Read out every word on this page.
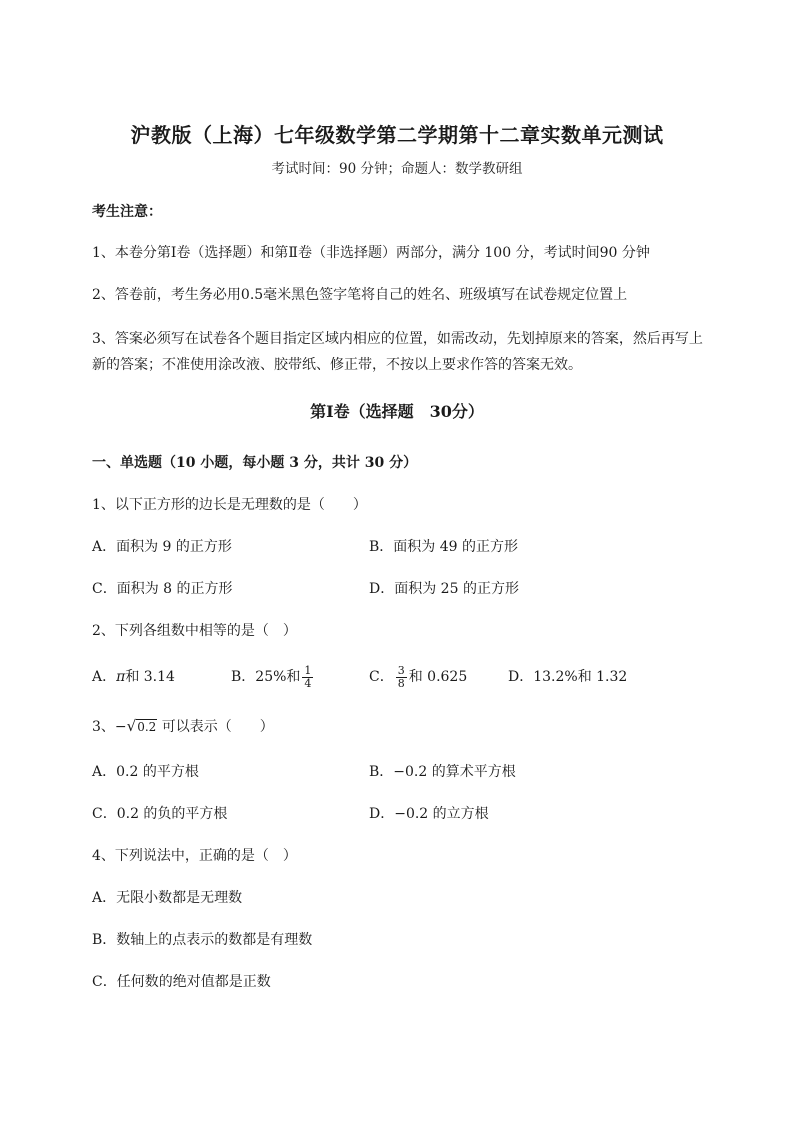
沪教版（上海）七年级数学第二学期第十二章实数单元测试
考试时间：90 分钟；命题人：数学教研组
考生注意：
1、本卷分第Ⅰ卷（选择题）和第Ⅱ卷（非选择题）两部分，满分 100 分，考试时间90 分钟
2、答卷前，考生务必用0.5毫米黑色签字笔将自己的姓名、班级填写在试卷规定位置上
3、答案必须写在试卷各个题目指定区域内相应的位置，如需改动，先划掉原来的答案，然后再写上新的答案；不准使用涂改液、胶带纸、修正带，不按以上要求作答的答案无效。
第Ⅰ卷（选择题　30分）
一、单选题（10 小题，每小题 3 分，共计 30 分）
1、以下正方形的边长是无理数的是（　　）
A．面积为 9 的正方形	B．面积为 49 的正方形
C．面积为 8 的正方形	D．面积为 25 的正方形
2、下列各组数中相等的是（　）
A．π和 3.14	B．25%和 $\frac{1}{4}$	C． $\frac{3}{8}$ 和 0.625	D．13.2%和 1.32
3、− √ 0.2 可以表示（　　）
A．0.2 的平方根	B．−0.2 的算术平方根
C．0.2 的负的平方根	D．−0.2 的立方根
4、下列说法中，正确的是（　）
A．无限小数都是无理数
B．数轴上的点表示的数都是有理数
C．任何数的绝对值都是正数
